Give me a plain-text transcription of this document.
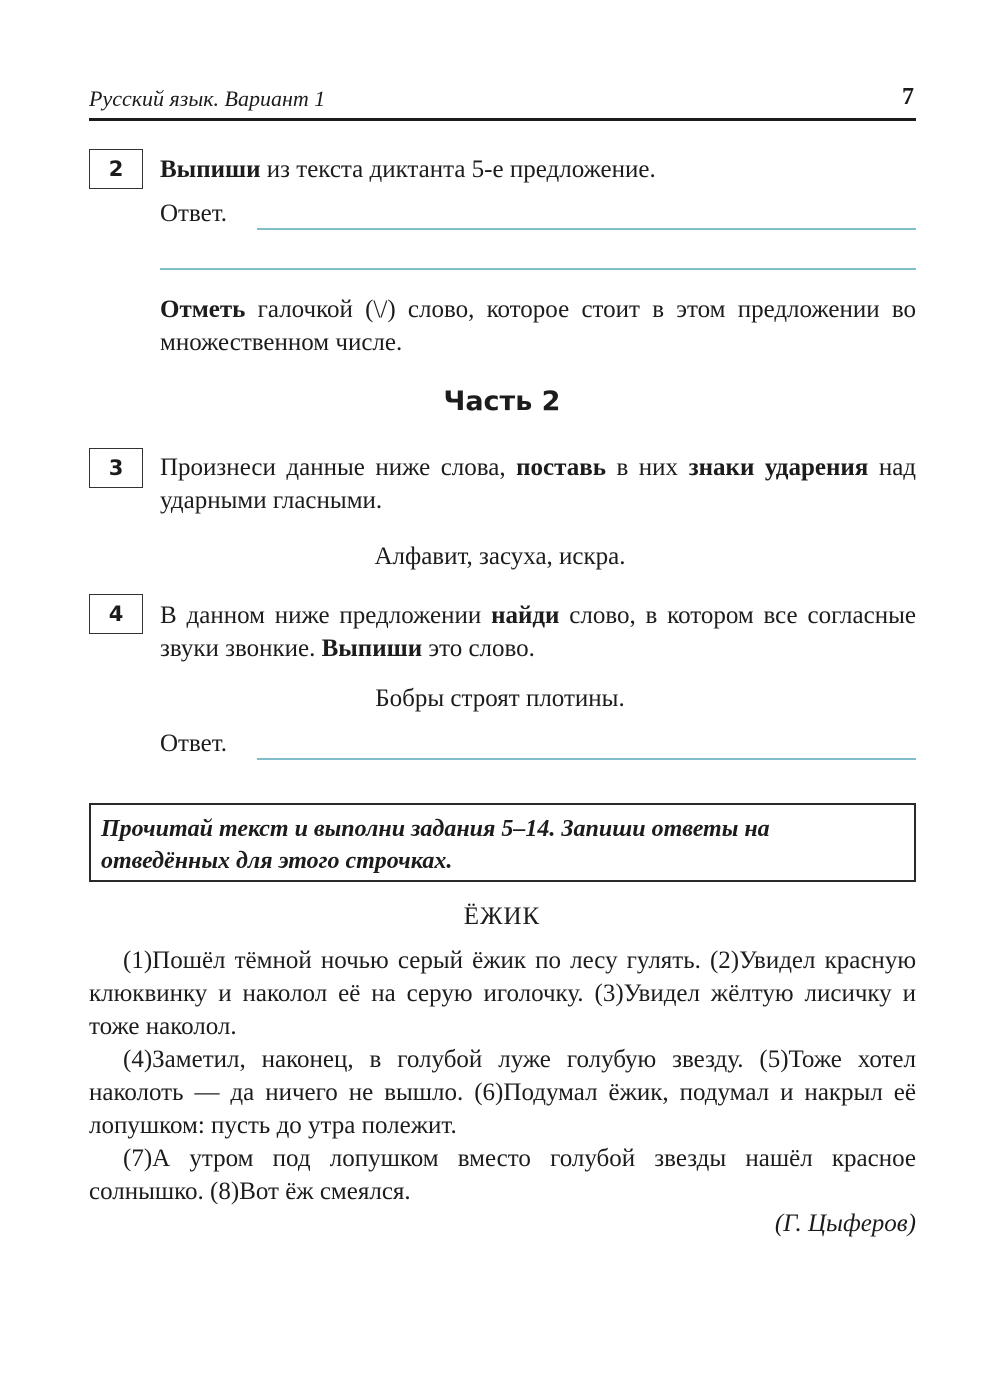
Русский язык. Вариант 1	7
2	Выпиши из текста диктанта 5-е предложение.
Ответ.
Отметь галочкой (\/) слово, которое стоит в этом предложении во множественном числе.
Часть 2
3	Произнеси данные ниже слова, поставь в них знаки ударения над ударными гласными.
Алфавит, засуха, искра.
4	В данном ниже предложении найди слово, в котором все согласные звуки звонкие. Выпиши это слово.
Бобры строят плотины.
Ответ.
Прочитай текст и выполни задания 5–14. Запиши ответы на отведённых для этого строчках.
ЁЖИК

(1)Пошёл тёмной ночью серый ёжик по лесу гулять. (2)Увидел красную клюквинку и наколол её на серую иголочку. (3)Увидел жёлтую лисичку и тоже наколол.

(4)Заметил, наконец, в голубой луже голубую звезду. (5)Тоже хотел наколоть — да ничего не вышло. (6)Подумал ёжик, подумал и накрыл её лопушком: пусть до утра полежит.

(7)А утром под лопушком вместо голубой звезды нашёл красное солнышко. (8)Вот ёж смеялся.

(Г. Цыферов)
